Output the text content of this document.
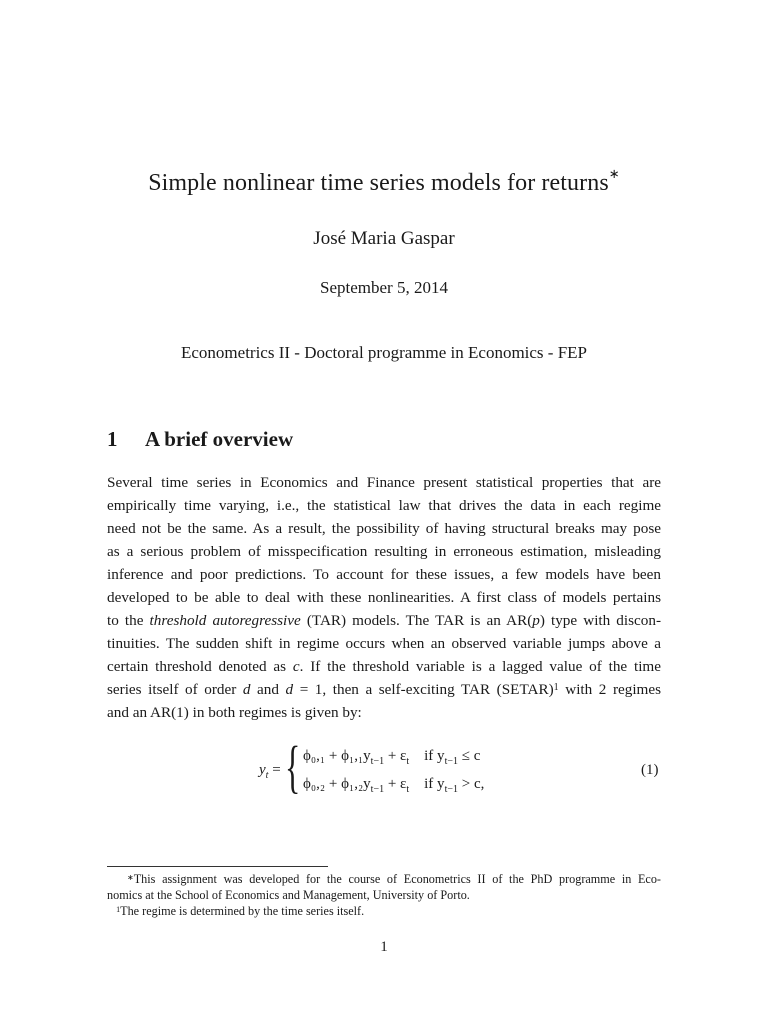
Simple nonlinear time series models for returns∗
José Maria Gaspar
September 5, 2014
Econometrics II - Doctoral programme in Economics - FEP
1 A brief overview
Several time series in Economics and Finance present statistical properties that are
empirically time varying, i.e., the statistical law that drives the data in each regime
need not be the same. As a result, the possibility of having structural breaks may pose
as a serious problem of misspecification resulting in erroneous estimation, misleading
inference and poor predictions. To account for these issues, a few models have been
developed to be able to deal with these nonlinearities. A first class of models pertains
to the threshold autoregressive (TAR) models. The TAR is an AR(p) type with discon-
tinuities. The sudden shift in regime occurs when an observed variable jumps above a
certain threshold denoted as c. If the threshold variable is a lagged value of the time
series itself of order d and d = 1, then a self-exciting TAR (SETAR)$^1$ with 2 regimes
and an AR(1) in both regimes is given by:
$y_t$ = { $\phi_0,_1 + \phi_1,_1y_{t-1} + \varepsilon_t$ if $y_{t-1} \le c$
$\phi_0,_2 + \phi_1,_2y_{t-1} + \varepsilon_t$ if $y_{t-1} > c$,
(1)
∗This assignment was developed for the course of Econometrics II of the PhD programme in Eco-
nomics at the School of Economics and Management, University of Porto.
$^1$The regime is determined by the time series itself.
1
